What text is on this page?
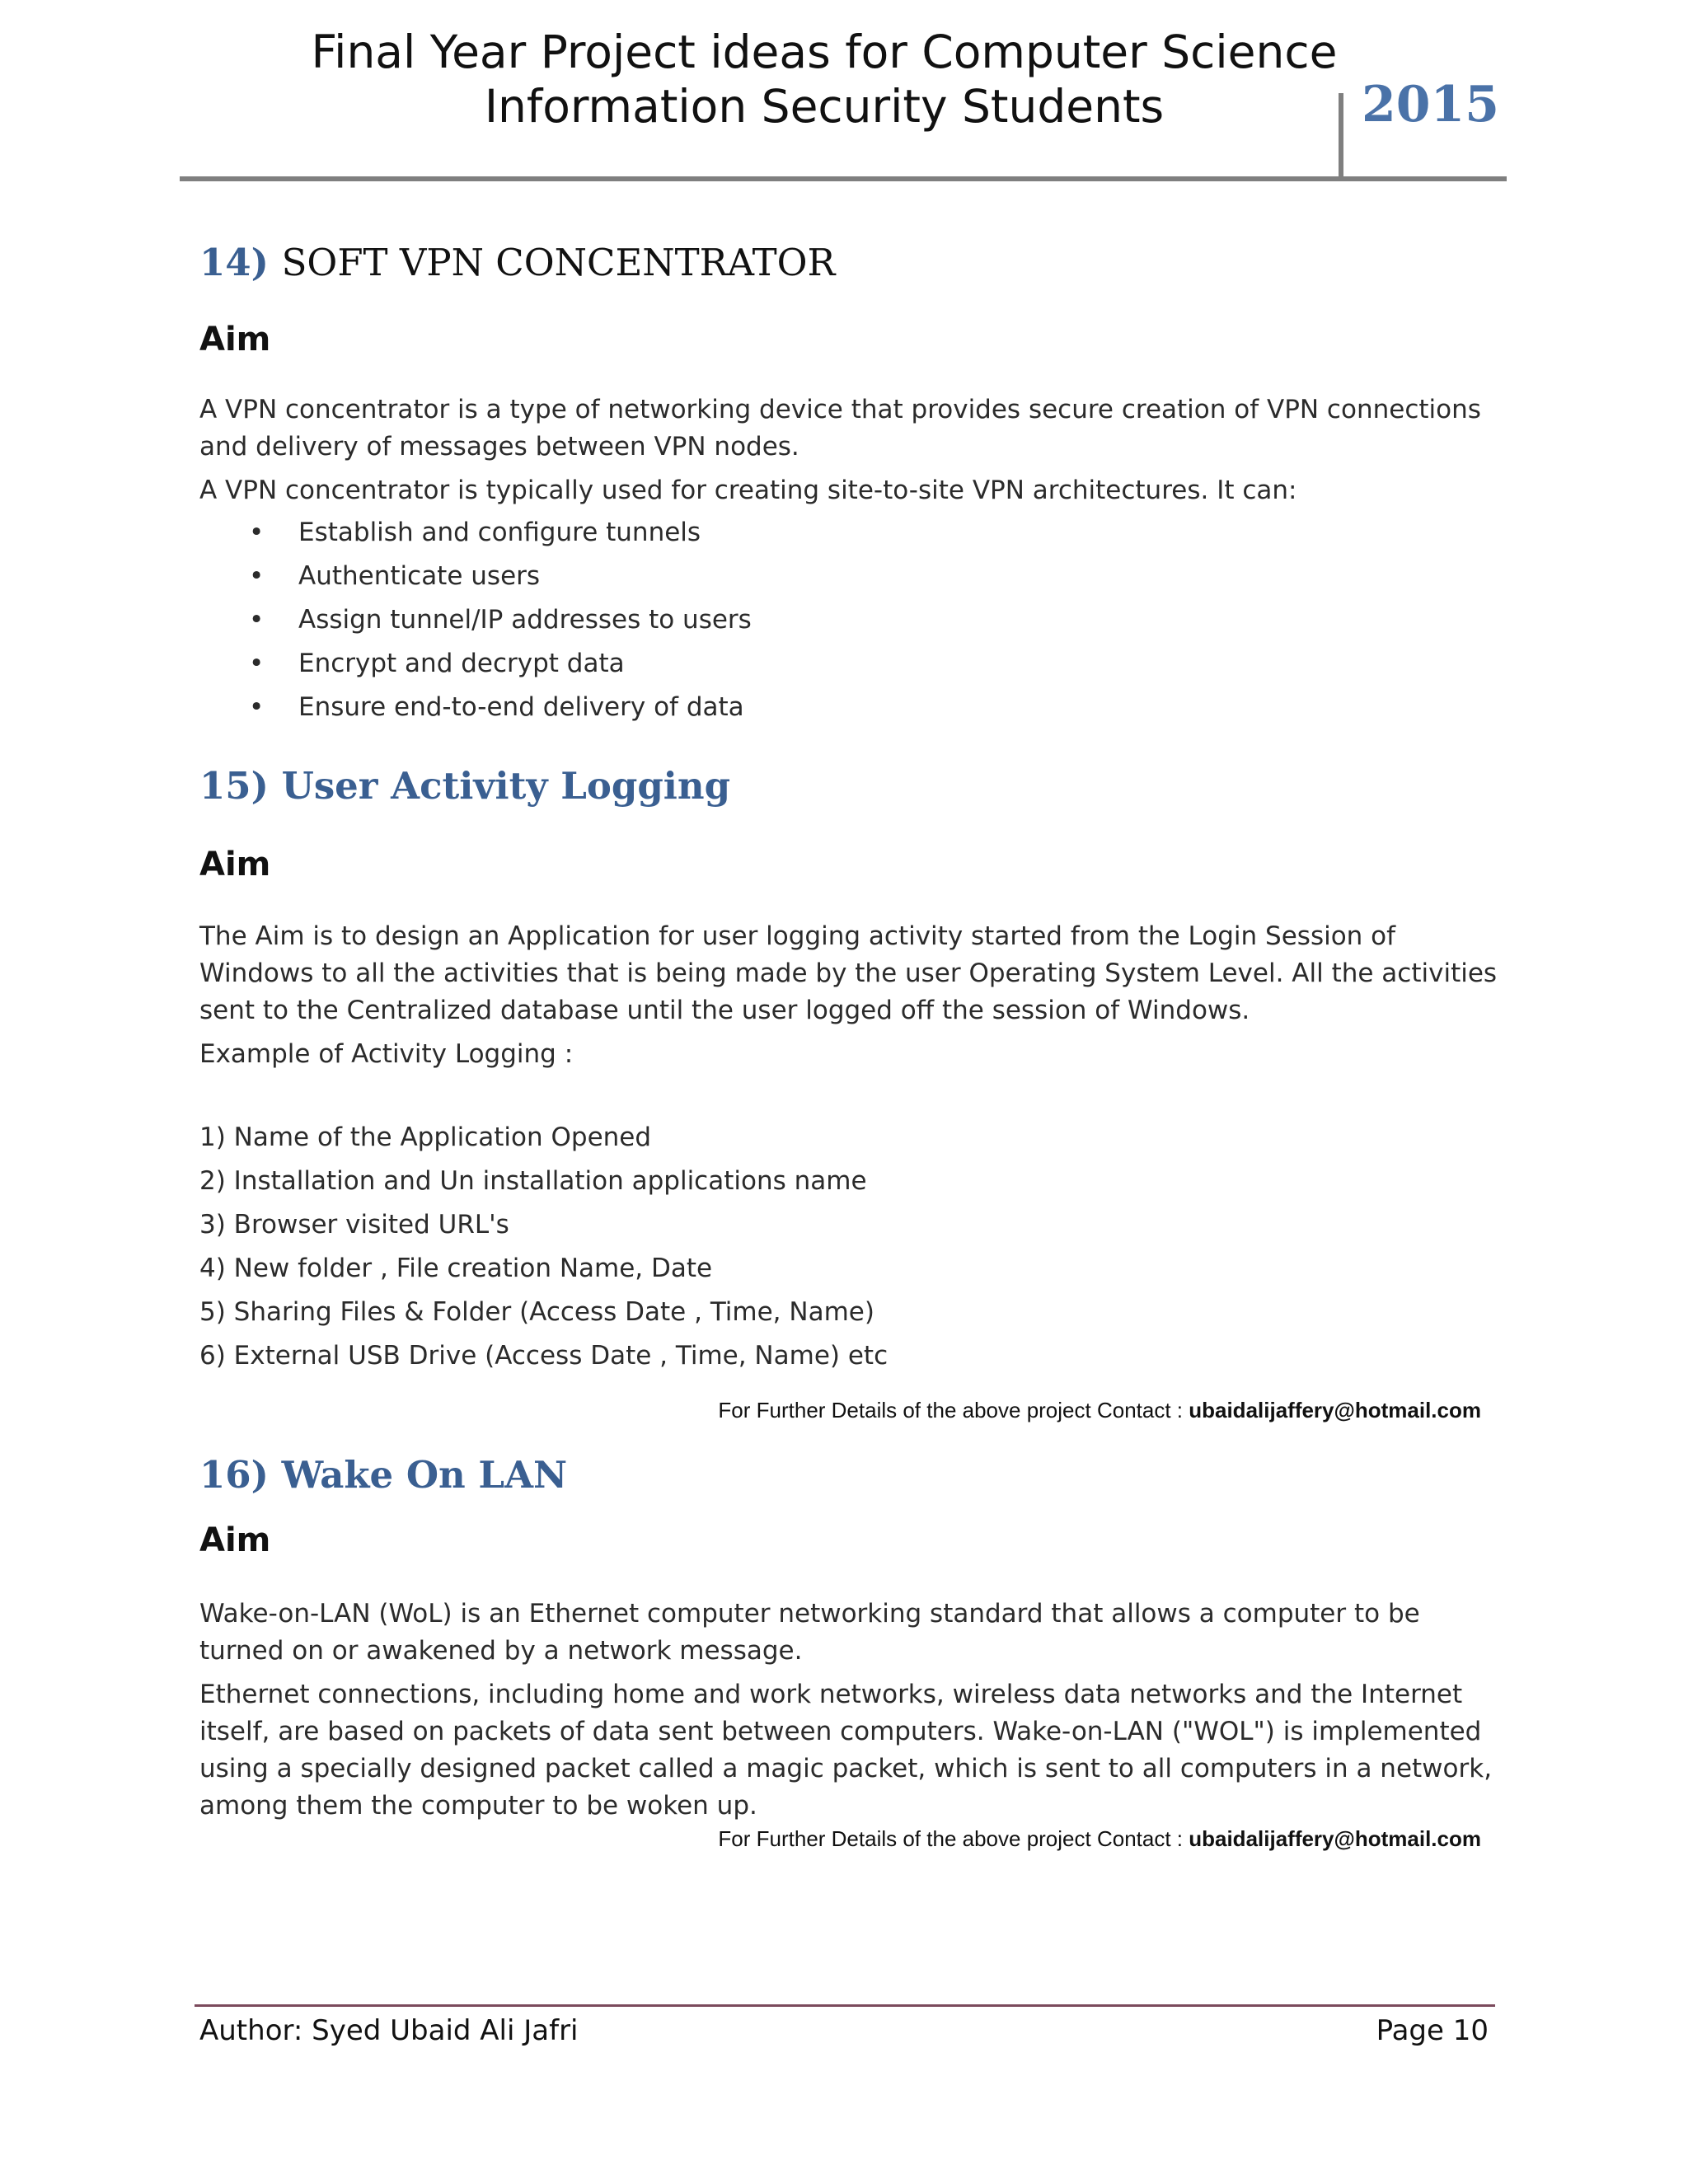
Final Year Project ideas for Computer Science
Information Security Students	2015
14) SOFT VPN CONCENTRATOR
Aim

A VPN concentrator is a type of networking device that provides secure creation of VPN connections and delivery of messages between VPN nodes.

A VPN concentrator is typically used for creating site-to-site VPN architectures. It can:

• Establish and configure tunnels
• Authenticate users
• Assign tunnel/IP addresses to users
• Encrypt and decrypt data
• Ensure end-to-end delivery of data
15) User Activity Logging
Aim

The Aim is to design an Application for user logging activity started from the Login Session of Windows to all the activities that is being made by the user Operating System Level. All the activities sent to the Centralized database until the user logged off the session of Windows.

Example of Activity Logging :

1) Name of the Application Opened

2) Installation and Un installation applications name

3) Browser visited URL's

4) New folder , File creation Name, Date

5) Sharing Files & Folder (Access Date , Time, Name)

6) External USB Drive (Access Date , Time, Name) etc

For Further Details of the above project Contact : ubaidalijaffery@hotmail.com

16) Wake On LAN
Aim

Wake-on-LAN (WoL) is an Ethernet computer networking standard that allows a computer to be turned on or awakened by a network message.

Ethernet connections, including home and work networks, wireless data networks and the Internet itself, are based on packets of data sent between computers. Wake-on-LAN ("WOL") is implemented using a specially designed packet called a magic packet, which is sent to all computers in a network, among them the computer to be woken up.

For Further Details of the above project Contact : ubaidalijaffery@hotmail.com

Author: Syed Ubaid Ali Jafri	Page 10
